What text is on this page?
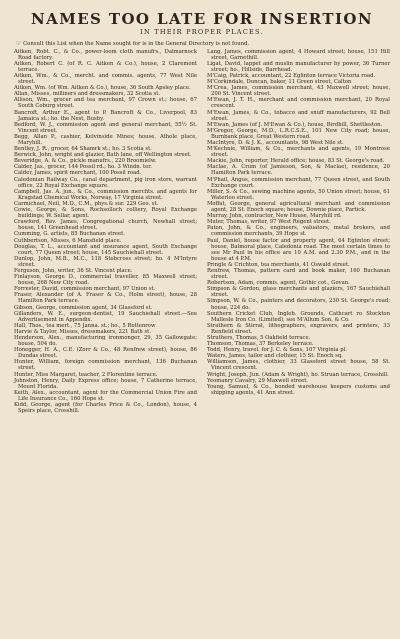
NAMES TOO LATE FOR INSERTION
IN THEIR PROPER PLACES.
☞ Consult this List when the Name sought for is in the General Directory is not found.
Aitken, Robt. C., & Co., power-loom cloth manufrs., Dalmarnock Road factory.
Aitken, Robert C. (of R. C. Aitken & Co.), house, 2 Claremont terrace.
Aitken, Wm., & Co., mercht. and commis. agents, 77 West Nile street.
Aitken, Wm. (of Wm. Aitken & Co.), house, 36 South Apsley place.
Allan, Misses, milliners and dressmakers, 32 Scotia st.
Allison, Wm., grocer and tea merchant, 97 Crown st.; house, 67 South Coburg street.
Bancroft, Arthur E., agent to P. Bancroft & Co., Liverpool, 83 Jamaica st.; ho. the Nest, Busby.
Bedford, W. J., commission agent and general merchant, 55½ St. Vincent street.
Begg, Allan P., cashier, Kelvinside Mines; house, Athole place, Maryhill.
Bentley, J. R., grocer, 64 Shamrk st.; ho. 3 Scotia st.
Berwick, John, wright and glazier, Bath lane, off Wellington street.
Beveridge, A. & Co., pickle manufrs., 220 Broomielw.
Calder, Jas., grocer, 144 Possil rd.; ho. 3 Windn. ter.
Calder, James, spirit merchant, 100 Possil road.
Caledonian Railway Co., canal department, pig iron store, warrant office, 22 Royal Exchange square.
Campbell, Jas. A. jun., & Co., commission merchts. and agents for Kragstad Chemical Works, Norway, 17 Virginia street.
Carmichael, Neil, M.D., C.M., phys.& sur. 229 Geo. st.
Cowie, George, & Sons, Rochsolloch colliery, Royal Exchange buildings; W. Sellar, agent.
Crawford, Rev. James, Congregational church, Newhall street; house, 141 Greenhead street.
Cumming, G. artists, 85 Buchanan street.
Cuthbertson, Misses, 6 Mansfield place.
Douglas, T. L., accountant and insurance agent, South Exchange court, 77 Queen street; house, 145 Sauchiehall street.
Dunlop, John, M.B., M.C., 118 Stobcross street; ho. 4 M'Intyre street.
Ferguson, John, writer, 36 St. Vincent place.
Finlayson, George D., commercial traveller, 85 Maxwell street; house, 268 New City road.
Forrester, David, commission merchant, 97 Union st.
Fraser, Alexander (of A. Fraser & Co., Holm street), house, 28 Hamilton Park terrace.
Gibson, George, commission agent, 34 Glassford st.
Gillanders, W. E., surgeon-dentist, 19 Sauchiehall street.—See Advertisement in Appendix.
Hall, Thos., tea mert., 75 Janna. st.; ho., 5 Rottenrow
Harvie & Taylor, Misses, dressmakers, 221 Bath st.
Henderson, Alex., manufacturing ironmonger, 29, 35 Gallowgate; house, 504 do.
Honegger, H. A., C.E. (Zorr & Co., 48 Renfrew street), house, 86 Dundas street.
Hunter, William, foreign commission merchant, 136 Buchanan street.
Hunter, Miss Margaret, teacher, 2 Florentine terrace.
Johnston, Henry, Daily Express office; house, 7 Catherine terrace, Mount Florida.
Keith, Alex., accountant, agent for the Commercial Union Fire and Life Insurance Co., 160 Hope st.
Kidd, George, agent (for Charles Price & Co., London), house, 4 Speirs place, Crosshill.
Lang, James, commission agent, 4 Howard street; house, 151 Hill street, Garnethill.
Ligat, David, lappet and muslin manufacturer by power, 36 Turner street; ho., Hillside, Barrhead.
M'Caig, Patrick, accountant, 22 Eglinton terrace Victoria road.
M'Corkindale, Duncan, baker, 11 Green street, Calton
M'Crea, James, commission merchant, 43 Maxwell street; house, 200 St. Vincent street.
M'Ewan, J. T. H., merchant and commission merchant, 20 Royal crescent.
M'Ewan, James, & Co., tobacco and snuff manufacturers, 92 Bell street.
M'Ewan, James (of J. M'Ewan & Co.), house, Birdhill, Shettleston.
M'Gregor, George, M.D., L.R.C.S.E., 101 New City road; house, Burnbank place, Great Western road.
MacIntyre, D. & J. K., accountants, 98 West Nile st.
M'Kechnie, William, & Co., merchants and agents, 19 Montrose street.
Mackie, John, reporter, Herald office; house, 83 St. George's road.
Maclae, A. Crum (of Jamieson, Son, & Maclae), residence, 20 Hamilton Park terrace.
M'Phail, Angus, commission merchant, 77 Queen street, and South Exchange court.
Miller, S. & Co., sewing machine agents, 50 Union street; house, 61 Waterloo street.
Moffat, George, general agricultural merchant and commission agent, 28 St. Enoch square; house, Downie place, Partick.
Murray, John, contractor, New House, Maryhill rd.
Muter, Thomas, writer, 97 West Regent street.
Paton, John, & Co., engineers, valuators, metal brokers, and commission merchants, 39 Hope st.
Paul, Daniel, house factor and property agent, 64 Eglinton street; house, Balmoral place, Caledonia road. The most certain times to see Mr Paul in his office are 10 A.M. and 2.30 P.M., and in the house at 4 P.M.
Pringle & Crichton, tea merchants, 41 Oswald street.
Renfrew, Thomas, pattern card and book maker, 160 Buchanan street.
Robertson, Adam, commis. agent, Gothic cot., Govan.
Simpson & Gordon, glass merchants and glaziers, 167 Sauchiehall street.
Simpson, W. & Co., painters and decorators, 230 St. George's road; house, 224 do.
Southern Cricket Club, Ingleb. Grounds, Cathcart ro Stockton Mallesle Iron Co. (Limited), see M'Allum Son, & Co.
Strathern & Stirrat, lithographers, engravers, and printers, 33 Renfield street.
Struthers, Thomas, 5 Oakfield terrace.
Thomson, Thomas, 37 Berkeley terrace.
Todd, Henry, travel. for J. C. & Sons, 107 Virginia pl.
Waters, James, tailor and clothier, 15 St. Enoch sq.
Williamson, James, clothier, 33 Glassford street house, 58 St. Vincent crescent.
Wright, Joseph, Jun. (Adam & Wright), ho. Struan terrace, Crosshill.
Yeomanry Cavalry, 29 Maxwell street.
Young, Samuel, & Co., bonded warehouse keepers customs and shipping agents, 41 Ann street.
